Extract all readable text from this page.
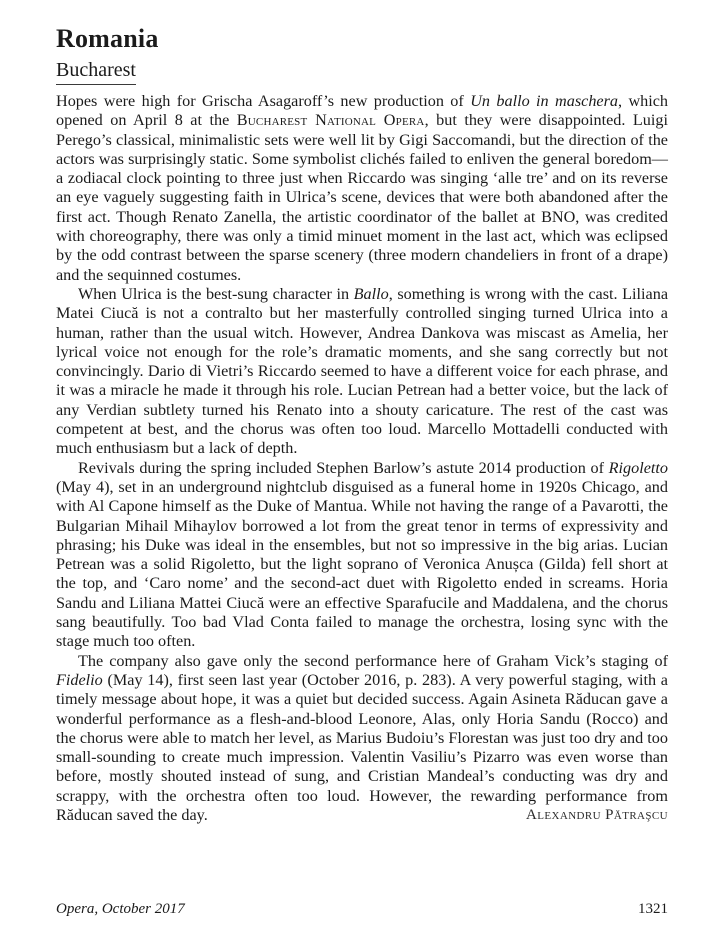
Romania
Bucharest

Hopes were high for Grischa Asagaroff’s new production of Un ballo in maschera, which opened on April 8 at the Bucharest National Opera, but they were disappointed. Luigi Perego’s classical, minimalistic sets were well lit by Gigi Saccomandi, but the direction of the actors was surprisingly static. Some symbolist clichés failed to enliven the general boredom—a zodiacal clock pointing to three just when Riccardo was singing ‘alle tre’ and on its reverse an eye vaguely suggesting faith in Ulrica’s scene, devices that were both abandoned after the first act. Though Renato Zanella, the artistic coordinator of the ballet at BNO, was credited with choreography, there was only a timid minuet moment in the last act, which was eclipsed by the odd contrast between the sparse scenery (three modern chandeliers in front of a drape) and the sequinned costumes.

When Ulrica is the best-sung character in Ballo, something is wrong with the cast. Liliana Matei Ciucă is not a contralto but her masterfully controlled singing turned Ulrica into a human, rather than the usual witch. However, Andrea Dankova was miscast as Amelia, her lyrical voice not enough for the role’s dramatic moments, and she sang correctly but not convincingly. Dario di Vietri’s Riccardo seemed to have a different voice for each phrase, and it was a miracle he made it through his role. Lucian Petrean had a better voice, but the lack of any Verdian subtlety turned his Renato into a shouty caricature. The rest of the cast was competent at best, and the chorus was often too loud. Marcello Mottadelli conducted with much enthusiasm but a lack of depth.

Revivals during the spring included Stephen Barlow’s astute 2014 production of Rigoletto (May 4), set in an underground nightclub disguised as a funeral home in 1920s Chicago, and with Al Capone himself as the Duke of Mantua. While not having the range of a Pavarotti, the Bulgarian Mihail Mihaylov borrowed a lot from the great tenor in terms of expressivity and phrasing; his Duke was ideal in the ensembles, but not so impressive in the big arias. Lucian Petrean was a solid Rigoletto, but the light soprano of Veronica Anușca (Gilda) fell short at the top, and ‘Caro nome’ and the second-act duet with Rigoletto ended in screams. Horia Sandu and Liliana Mattei Ciucă were an effective Sparafucile and Maddalena, and the chorus sang beautifully. Too bad Vlad Conta failed to manage the orchestra, losing sync with the stage much too often.

The company also gave only the second performance here of Graham Vick’s staging of Fidelio (May 14), first seen last year (October 2016, p. 283). A very powerful staging, with a timely message about hope, it was a quiet but decided success. Again Asineta Răducan gave a wonderful performance as a flesh-and-blood Leonore, Alas, only Horia Sandu (Rocco) and the chorus were able to match her level, as Marius Budoiu’s Florestan was just too dry and too small-sounding to create much impression. Valentin Vasiliu’s Pizarro was even worse than before, mostly shouted instead of sung, and Cristian Mandeal’s conducting was dry and scrappy, with the orchestra often too loud. However, the rewarding performance from Răducan saved the day.	Alexandru Pătraşcu

Opera, October 2017	1321
